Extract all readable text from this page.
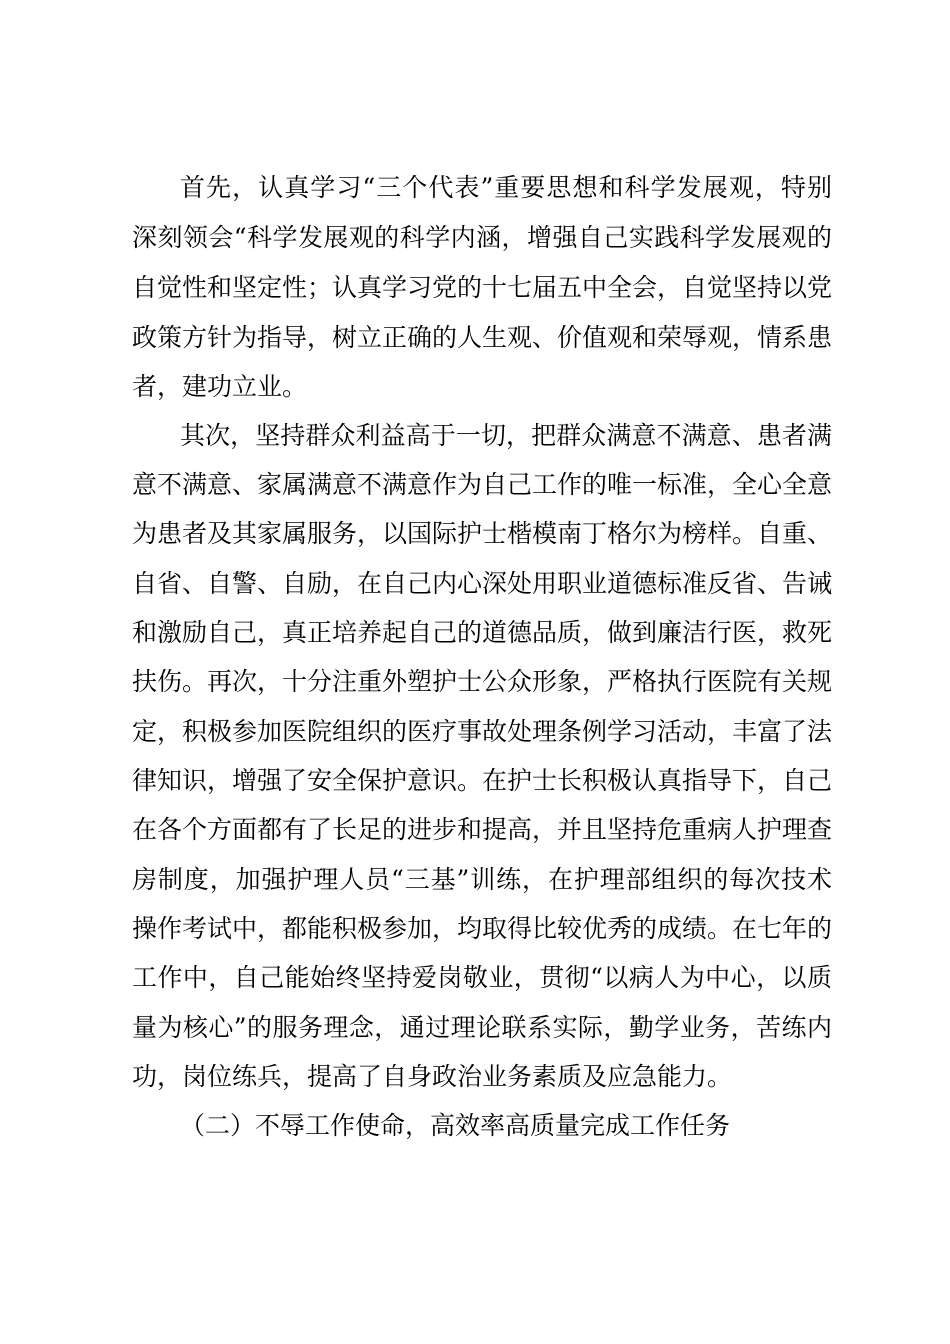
首先，认真学习“三个代表”重要思想和科学发展观，特别
深刻领会“科学发展观的科学内涵，增强自己实践科学发展观的
自觉性和坚定性；认真学习党的十七届五中全会，自觉坚持以党
政策方针为指导，树立正确的人生观、价值观和荣辱观，情系患
者，建功立业。
其次，坚持群众利益高于一切，把群众满意不满意、患者满
意不满意、家属满意不满意作为自己工作的唯一标准，全心全意
为患者及其家属服务，以国际护士楷模南丁格尔为榜样。自重、
自省、自警、自励，在自己内心深处用职业道德标准反省、告诫
和激励自己，真正培养起自己的道德品质，做到廉洁行医，救死
扶伤。再次，十分注重外塑护士公众形象，严格执行医院有关规
定，积极参加医院组织的医疗事故处理条例学习活动，丰富了法
律知识，增强了安全保护意识。在护士长积极认真指导下，自己
在各个方面都有了长足的进步和提高，并且坚持危重病人护理查
房制度，加强护理人员“三基”训练，在护理部组织的每次技术
操作考试中，都能积极参加，均取得比较优秀的成绩。在七年的
工作中，自己能始终坚持爱岗敬业，贯彻“以病人为中心，以质
量为核心”的服务理念，通过理论联系实际，勤学业务，苦练内
功，岗位练兵，提高了自身政治业务素质及应急能力。
（二）不辱工作使命，高效率高质量完成工作任务
